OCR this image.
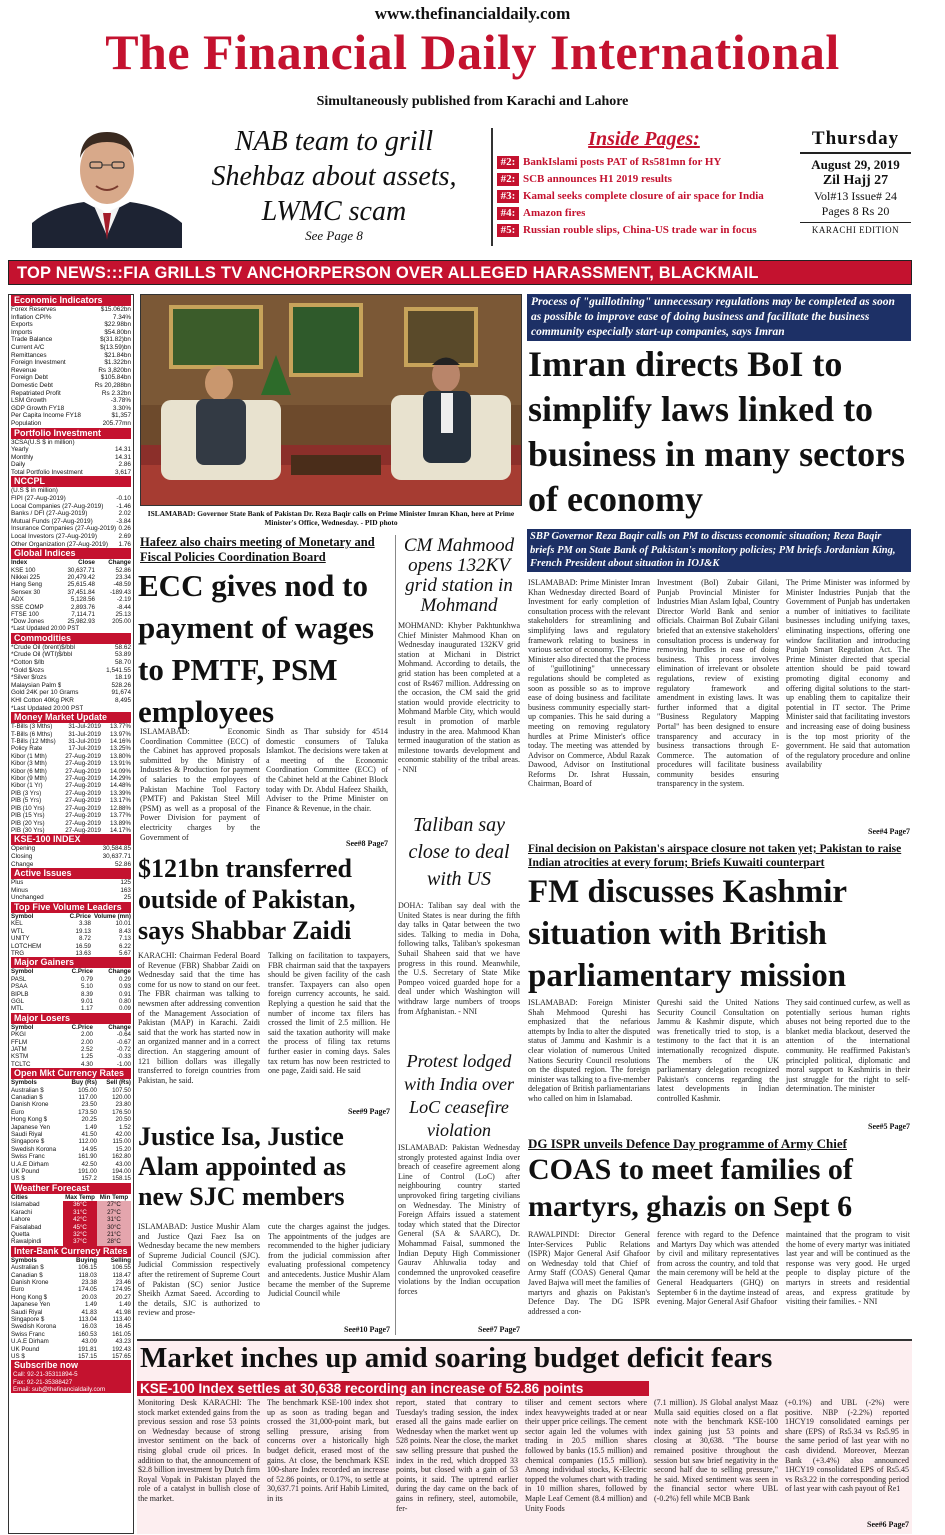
www.thefinancialdaily.com
The Financial Daily International
Simultaneously published from Karachi and Lahore
NAB team to grill Shehbaz about assets, LWMC scam
See Page 8
Inside Pages:
#2: BankIslami posts PAT of Rs581mn for HY
#2: SCB announces H1 2019 results
#3: Kamal seeks complete closure of air space for India
#4: Amazon fires
#5: Russian rouble slips, China-US trade war in focus
Thursday
August 29, 2019
Zil Hajj 27
Vol#13 Issue# 24
Pages 8 Rs 20
KARACHI EDITION
TOP NEWS:::FIA GRILLS TV ANCHORPERSON OVER ALLEGED HARASSMENT, BLACKMAIL
Economic Indicators
Forex Reserves	$15.062bn
Inflation CPI%	7.34%
Exports	$22.98bn
Imports	$54.80bn
Trade Balance	$(31.82)bn
Current A/C	$(13.59)bn
Remittances	$21.84bn
Foreign Investment	$1.322bn
Revenue	Rs 3,820bn
Foreign Debt	$105.84bn
Domestic Debt	Rs 20,288bn
Repatriated Profit	Rs 2.32bn
LSM Growth	-3.78%
GDP Growth FY18	3.30%
Per Capita Income FY18	$1,357
Population	205.77mn
Portfolio Investment
3CSA(U.S $ in million)
Yearly	14.31
Monthly	14.31
Daily	2.86
Total Portfolio Investment	3,617
NCCPL
(U.S $ in million)
FIPI (27-Aug-2019)	-0.10
Local Companies (27-Aug-2019) -1.46
Banks / DFI (27-Aug-2019)	2.02
Mutual Funds (27-Aug-2019)	-3.84
Insurance Companies (27-Aug-2019) 0.26
Local Investors (27-Aug-2019)	2.69
Other Organization (27-Aug-2019) 1.76
Global Indices
Index	Close	Change
KSE 100	30,637.71	52.86
Nikkei 225	20,479.42	23.34
Hang Seng	25,615.48	-48.59
Sensex 30	37,451.84	-189.43
ADX	5,128.56	-2.19
SSE COMP	2,893.76	-8.44
FTSE 100	7,114.71	25.13
*Dow Jones	25,982.93	205.00
*Last Updated 20:00 PST
Commodities
*Crude Oil (brent)$/bbl	58.62
*Crude Oil (WTI)$/bbl	53.89
*Cotton $/lb	58.70
*Gold $/ozs	1,541.55
*Silver $/ozs	18.19
Malaysian Palm $	528.26
Gold 24K per 10 Grams	91,674
KHI Cotton 40Kg PKR	8,495
*Last Updated 20:00 PST
Money Market Update
T-Bills (3 Mths)	31-Jul-2019	13.77%
T-Bills (6 Mths)	31-Jul-2019	13.97%
T-Bills (12 Mths)	31-Jul-2019	14.16%
Policy Rate	17-Jul-2019	13.25%
Kibor (1 Mth)	27-Aug-2019	13.80%
Kibor (3 Mth)	27-Aug-2019	13.91%
Kibor (6 Mth)	27-Aug-2019	14.09%
Kibor (9 Mth)	27-Aug-2019	14.29%
Kibor (1 Yr)	27-Aug-2019	14.48%
PIB (3 Yrs)	27-Aug-2019	13.39%
PIB (5 Yrs)	27-Aug-2019	13.17%
PIB (10 Yrs)	27-Aug-2019	12.88%
PIB (15 Yrs)	27-Aug-2019	13.77%
PIB (20 Yrs)	27-Aug-2019	13.89%
PIB (30 Yrs)	27-Aug-2019	14.17%
KSE-100 INDEX
Opening	30,584.85
Closing	30,637.71
Change	52.86
Active Issues
Plus	125
Minus	163
Unchanged	25
Top Five Volume Leaders
Symbol	C.Price Volume (mn)
KEL	3.38	10.01
WTL	19.13	8.43
UNITY	8.72	7.13
LOTCHEM	16.59	6.22
TRG	13.63	5.67
Major Gainers
Symbol	C.Price	Change
PASL	0.79	0.29
PSAA	5.10	0.93
BIPLB	8.39	0.91
GGL	9.01	0.80
MTL	1.17	0.09
Major Losers
Symbol	C.Price	Change
PKGI	2.00	-0.64
FFLM	2.00	-0.67
JATM	2.52	-0.72
KSTM	1.25	-0.33
TCLTC	4.30	-1.00
Open Mkt Currency Rates
Symbols	Buy (Rs)	Sell (Rs)
Australian $	105.00	107.50
Canadian $	117.00	120.00
Danish Krone	23.50	23.80
Euro	173.50	176.50
Hong Kong $	20.25	20.50
Japanese Yen	1.49	1.52
Saudi Riyal	41.50	42.00
Singapore $	112.00	115.00
Swedish Korona	14.95	15.20
Swiss Franc	161.90	162.80
U.A.E Dirham	42.50	43.00
UK Pound	191.00	194.00
US $	157.2	158.15
Weather Forecast
Cities	Max Temp Min Temp
Islamabad	36°C	27°C
Karachi	31°C	27°C
Lahore	42°C	31°C
Faisalabad	45°C	30°C
Quetta	32°C	21°C
Rawalpindi	37°C	28°C
Inter-Bank Currency Rates
Symbols	Buying	Selling
Australian $	106.15	106.55
Canadian $	118.03	118.47
Danish Krone	23.38	23.46
Euro	174.05	174.95
Hong Kong $	20.03	20.27
Japanese Yen	1.49	1.49
Saudi Riyal	41.83	41.98
Singapore $	113.04	113.40
Swedish Korona	16.03	16.45
Swiss Franc	160.53	161.05
U.A.E Dirham	43.09	43.23
UK Pound	191.81	192.43
US $	157.15	157.65
Subscribe now
Call: 92-21-35311894-5
Fax: 92-21-35388427
Email: sub@thefinancialdaily.com
ISLAMABAD: Governor State Bank of Pakistan Dr. Reza Baqir calls on Prime Minister Imran Khan, here at Prime Minister's Office, Wednesday. - PID photo
Hafeez also chairs meeting of Monetary and Fiscal Policies Coordination Board
ECC gives nod to payment of wages to PMTF, PSM employees
ISLAMABAD: Economic Coordination Committee (ECC) of the Cabinet has approved proposals submitted by the Ministry of Industries & Production for payment of salaries to the employees of Pakistan Machine Tool Factory (PMTF) and Pakistan Steel Mill (PSM) as well as a proposal of the Power Division for payment of electricity charges by the Government of
Sindh as Thar subsidy for 4514 domestic consumers of Taluka Islamkot. The decisions were taken at a meeting of the Economic Coordination Committee (ECC) of the Cabinet held at the Cabinet Block today with Dr. Abdul Hafeez Shaikh, Adviser to the Prime Minister on Finance & Revenue, in the chair.
See#8 Page7
$121bn transferred outside of Pakistan, says Shabbar Zaidi
KARACHI: Chairman Federal Board of Revenue (FBR) Shabbar Zaidi on Wednesday said that the time has come for us now to stand on our feet. The FBR chairman was talking to newsmen after addressing convention of the Management Association of Pakistan (MAP) in Karachi. Zaidi said that the work has started now in an organized manner and in a correct direction. An staggering amount of 121 billion dollars was illegally transferred to foreign countries from Pakistan, he said.
Talking on facilitation to taxpayers, FBR chairman said that the taxpayers should be given facility of the cash transfer. Taxpayers can also open foreign currency accounts, he said. Replying a question he said that the number of income tax filers has crossed the limit of 2.5 million. He said the taxation authority will make the process of filing tax returns further easier in coming days. Sales tax return has now been restricted to one page, Zaidi said. He said
See#9 Page7
Justice Isa, Justice Alam appointed as new SJC members
ISLAMABAD: Justice Mushir Alam and Justice Qazi Faez Isa on Wednesday became the new members of Supreme Judicial Council (SJC). Judicial Commission respectively after the retirement of Supreme Court of Pakistan (SC) senior Justice Sheikh Azmat Saeed. According to the details, SJC is authorized to review and prose-
cute the charges against the judges. The appointments of the judges are recommended to the higher judiciary from the judicial commission after evaluating professional competency and antecedents. Justice Mushir Alam became the member of the Supreme Judicial Council while
See#10 Page7
CM Mahmood opens 132KV grid station in Mohmand
MOHMAND: Khyber Pakhtunkhwa Chief Minister Mahmood Khan on Wednesday inaugurated 132KV grid station at Michani in District Mohmand. According to details, the grid station has been completed at a cost of Rs467 million. Addressing on the occasion, the CM said the grid station would provide electricity to Mohmand Marble City, which would result in promotion of marble industry in the area. Mahmood Khan termed inauguration of the station as milestone towards development and economic stability of the tribal areas. - NNI
Taliban say close to deal with US
DOHA: Taliban say deal with the United States is near during the fifth day talks in Qatar between the two sides. Talking to media in Doha, following talks, Taliban's spokesman Suhail Shaheen said that we have progress in this round. Meanwhile, the U.S. Secretary of State Mike Pompeo voiced guarded hope for a deal under which Washington will withdraw large numbers of troops from Afghanistan. - NNI
Protest lodged with India over LoC ceasefire violation
ISLAMABAD: Pakistan Wednesday strongly protested against India over breach of ceasefire agreement along Line of Control (LoC) after neighbouring country started unprovoked firing targeting civilians on Wednesday. The Ministry of Foreign Affairs issued a statement today which stated that the Director General (SA & SAARC), Dr. Mohammad Faisal, summoned the Indian Deputy High Commissioner Gaurav Ahluwalia today and condemned the unprovoked ceasefire violations by the Indian occupation forces
See#7 Page7
Process of "guillotining" unnecessary regulations may be completed as soon as possible to improve ease of doing business and facilitate the business community especially start-up companies, says Imran
Imran directs BoI to simplify laws linked to business in many sectors of economy
SBP Governor Reza Baqir calls on PM to discuss economic situation; Reza Baqir briefs PM on State Bank of Pakistan's monitory policies; PM briefs Jordanian King, French President about situation in IOJ&K
ISLAMABAD: Prime Minister Imran Khan Wednesday directed Board of Investment for early completion of consultation process with the relevant stakeholders for streamlining and simplifying laws and regulatory framework relating to business in various sector of economy. The Prime Minister also directed that the process of "guillotining" unnecessary regulations should be completed as soon as possible so as to improve ease of doing business and facilitate business community especially start-up companies. This he said during a meeting on removing regulatory hurdles at Prime Minister's office today. The meeting was attended by Advisor on Commerce, Abdul Razak Dawood, Advisor on Institutional Reforms Dr. Ishrat Hussain, Chairman, Board of
Investment (BoI) Zubair Gilani, Punjab Provincial Minister for Industries Mian Aslam Iqbal, Country Director World Bank and senior officials. Chairman BoI Zubair Gilani briefed that an extensive stakeholders' consultation process is underway for removing hurdles in ease of doing business. This process involves elimination of irrelevant or obsolete regulations, review of existing regulatory framework and amendment in existing laws. It was further informed that a digital "Business Regulatory Mapping Portal" has been designed to ensure transparency and accuracy in business transactions through E-Commerce. The automation of procedures will facilitate business community besides ensuring transparency in the system.
The Prime Minister was informed by Minister Industries Punjab that the Government of Punjab has undertaken a number of initiatives to facilitate businesses including unifying taxes, eliminating inspections, offering one window facilitation and introducing Punjab Smart Regulation Act. The Prime Minister directed that special attention should be paid toward promoting digital economy and offering digital solutions to the start-up enabling them to capitalize their potential in IT sector. The Prime Minister said that facilitating investors and increasing ease of doing business is the top most priority of the government. He said that automation of the regulatory procedure and online availability
See#4 Page7
Final decision on Pakistan's airspace closure not taken yet; Pakistan to raise Indian atrocities at every forum; Briefs Kuwaiti counterpart
FM discusses Kashmir situation with British parliamentary mission
ISLAMABAD: Foreign Minister Shah Mehmood Qureshi has emphasized that the nefarious attempts by India to alter the disputed status of Jammu and Kashmir is a clear violation of numerous United Nations Security Council resolutions on the disputed region. The foreign minister was talking to a five-member delegation of British parliamentarians who called on him in Islamabad.
Qureshi said the United Nations Security Council Consultation on Jammu & Kashmir dispute, which was frenetically tried to stop, is a testimony to the fact that it is an internationally recognized dispute. The members of the UK parliamentary delegation recognized Pakistan's concerns regarding the latest developments in Indian controlled Kashmir.
They said continued curfew, as well as potentially serious human rights abuses not being reported due to the blanket media blackout, deserved the attention of the international community. He reaffirmed Pakistan's principled political, diplomatic and moral support to Kashmiris in their just struggle for the right to self-determination. The minister
See#5 Page7
DG ISPR unveils Defence Day programme of Army Chief
COAS to meet families of martyrs, ghazis on Sept 6
RAWALPINDI: Director General Inter-Services Public Relations (ISPR) Major General Asif Ghafoor on Wednesday told that Chief of Army Staff (COAS) General Qamar Javed Bajwa will meet the families of martyrs and ghazis on Pakistan's Defence Day. The DG ISPR addressed a con-
ference with regard to the Defence and Martyrs Day which was attended by civil and military representatives from across the country, and told that the main ceremony will be held at the General Headquarters (GHQ) on September 6 in the daytime instead of evening. Major General Asif Ghafoor
maintained that the program to visit the home of every martyr was initiated last year and will be continued as the response was very good. He urged people to display picture of the martyrs in streets and residential areas, and express gratitude by visiting their families. - NNI
Market inches up amid soaring budget deficit fears
KSE-100 Index settles at 30,638 recording an increase of 52.86 points
Monitoring Desk KARACHI: The stock market extended gains from the previous session and rose 53 points on Wednesday because of strong investor sentiment on the back of rising global crude oil prices. In addition to that, the announcement of $2.8 billion investment by Dutch firm Royal Vopak in Pakistan played the role of a catalyst in bullish close of the market.
The benchmark KSE-100 index shot up as soon as trading began and crossed the 31,000-point mark, but selling pressure, arising from concerns over a historically high budget deficit, erased most of the gains. At close, the benchmark KSE 100-share Index recorded an increase of 52.86 points, or 0.17%, to settle at 30,637.71 points. Arif Habib Limited, in its
report, stated that contrary to Tuesday's trading session, the index erased all the gains made earlier on Wednesday when the market went up 528 points. Near the close, the market saw selling pressure that pushed the index in the red, which dropped 33 points, but closed with a gain of 53 points, it said. The uptrend earlier during the day came on the back of gains in refinery, steel, automobile, fer-
tiliser and cement sectors where index heavyweights traded at or near their upper price ceilings. The cement sector again led the volumes with trading in 20.5 million shares followed by banks (15.5 million) and chemical companies (15.5 million). Among individual stocks, K-Electric topped the volumes chart with trading in 10 million shares, followed by Maple Leaf Cement (8.4 million) and Unity Foods
(7.1 million). JS Global analyst Maaz Mulla said equities closed on a flat note with the benchmark KSE-100 index gaining just 53 points and closing at 30,638. "The bourse remained positive throughout the session but saw brief negativity in the second half due to selling pressure," he said. Mixed sentiment was seen in the financial sector where UBL (-0.2%) fell while MCB Bank
(+0.1%) and UBL (-2%) were positive. NBP (-2.2%) reported 1HCY19 consolidated earnings per share (EPS) of Rs5.34 vs Rs5.95 in the same period of last year with no cash dividend. Moreover, Meezan Bank (+3.4%) also announced 1HCY19 consolidated EPS of Rs5.45 vs Rs3.22 in the corresponding period of last year with cash payout of Re1
See#6 Page7
